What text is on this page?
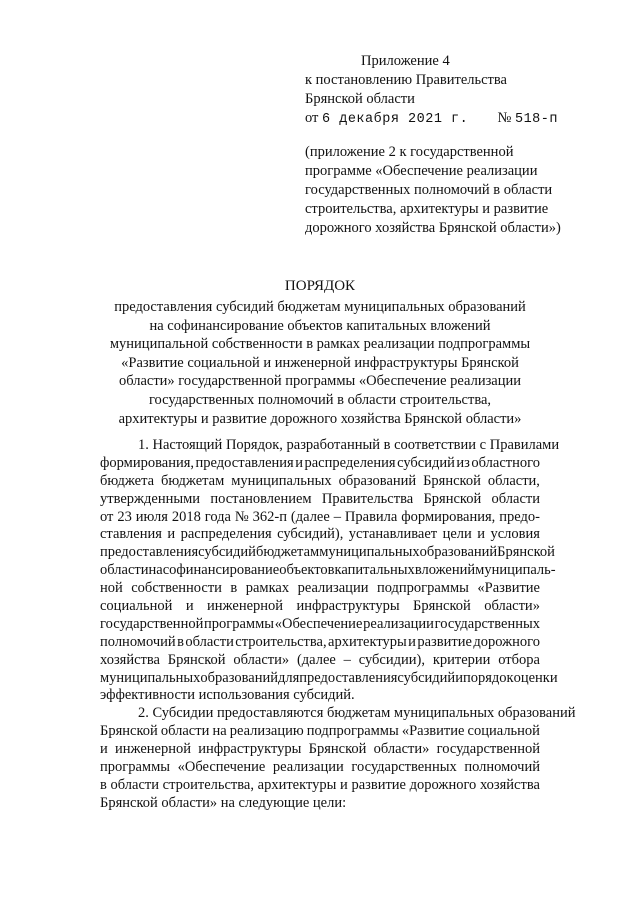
Приложение 4
к постановлению Правительства
Брянской области
от 6 декабря 2021 г. № 518-п
(приложение 2 к государственной
программе «Обеспечение реализации
государственных полномочий в области
строительства, архитектуры и развитие
дорожного хозяйства Брянской области»)
ПОРЯДОК
предоставления субсидий бюджетам муниципальных образований
на софинансирование объектов капитальных вложений
муниципальной собственности в рамках реализации подпрограммы
«Развитие социальной и инженерной инфраструктуры Брянской
области» государственной программы «Обеспечение реализации
государственных полномочий в области строительства,
архитектуры и развитие дорожного хозяйства Брянской области»
1. Настоящий Порядок, разработанный в соответствии с Правилами
формирования, предоставления и распределения субсидий из областного
бюджета бюджетам муниципальных образований Брянской области,
утвержденными постановлением Правительства Брянской области
от 23 июля 2018 года № 362-п (далее – Правила формирования, предо-
ставления и распределения субсидий), устанавливает цели и условия
предоставления субсидий бюджетам муниципальных образований Брянской
области на софинансирование объектов капитальных вложений муниципаль-
ной собственности в рамках реализации подпрограммы «Развитие
социальной и инженерной инфраструктуры Брянской области»
государственной программы «Обеспечение реализации государственных
полномочий в области строительства, архитектуры и развитие дорожного
хозяйства Брянской области» (далее – субсидии), критерии отбора
муниципальных образований для предоставления субсидий и порядок оценки
эффективности использования субсидий.
2. Субсидии предоставляются бюджетам муниципальных образований
Брянской области на реализацию подпрограммы «Развитие социальной
и инженерной инфраструктуры Брянской области» государственной
программы «Обеспечение реализации государственных полномочий
в области строительства, архитектуры и развитие дорожного хозяйства
Брянской области» на следующие цели:
